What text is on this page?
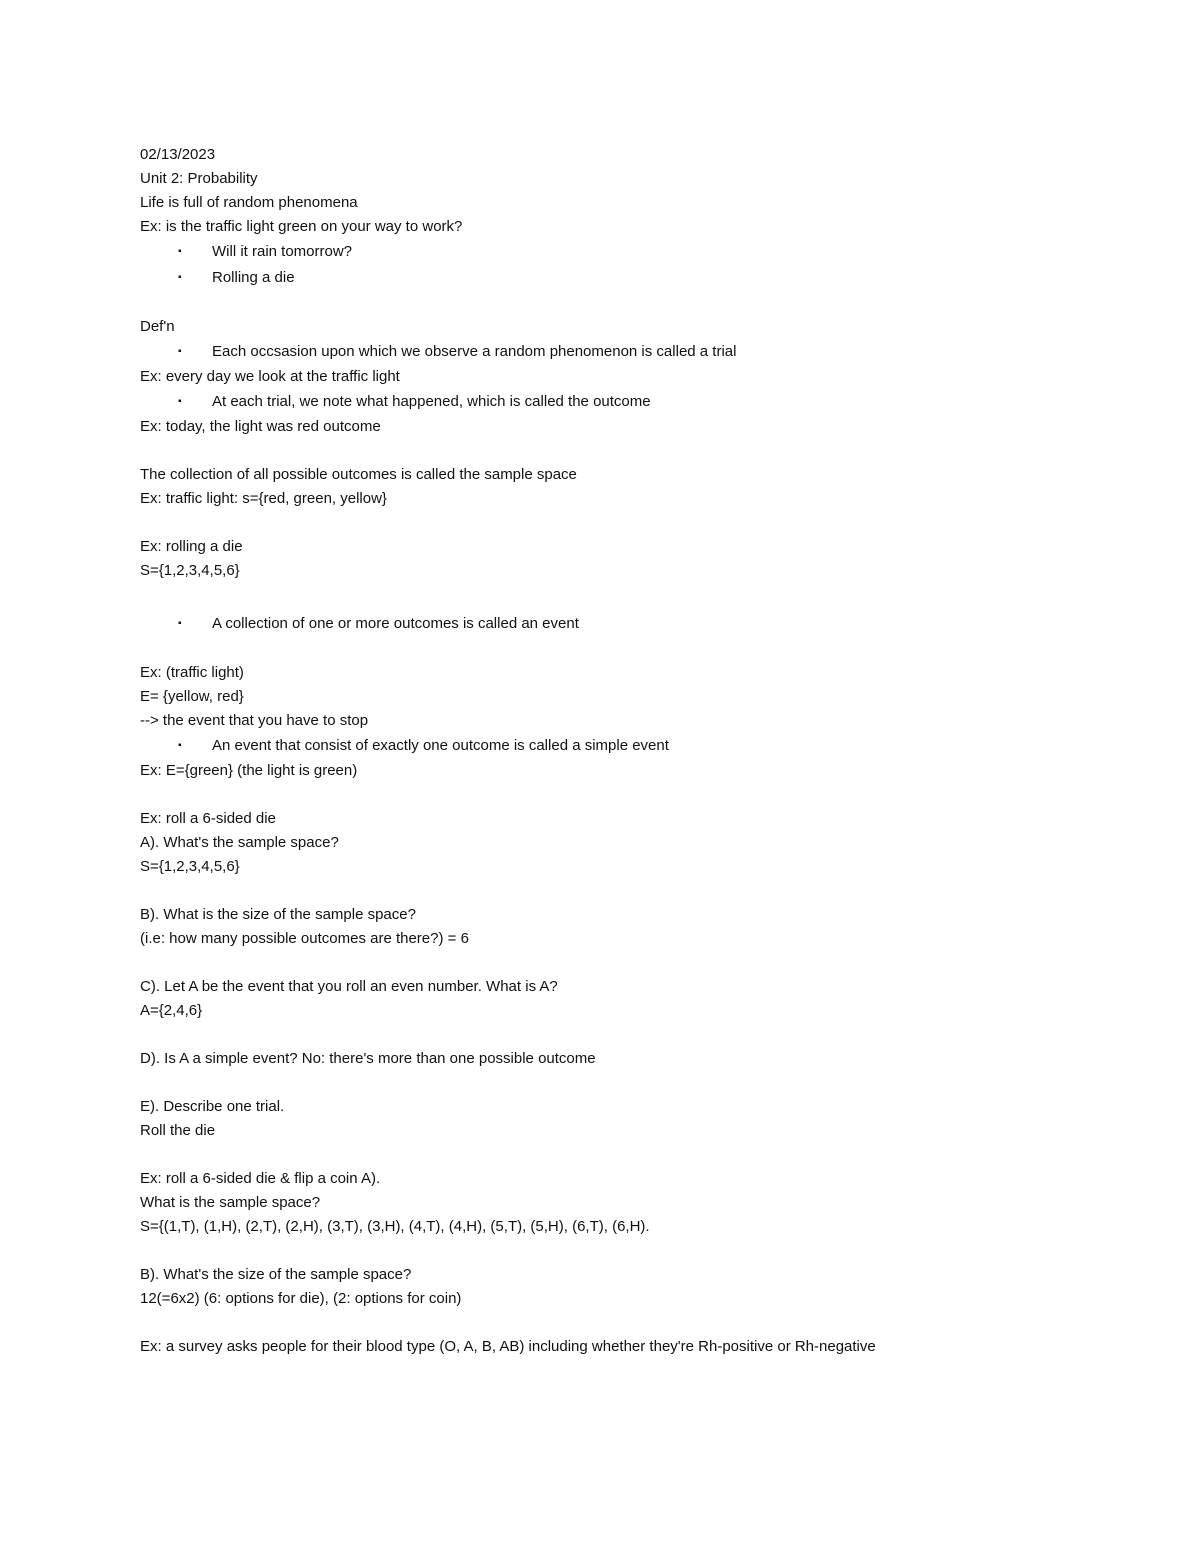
02/13/2023
Unit 2: Probability
Life is full of random phenomena
Ex: is the traffic light green on your way to work?
▪ Will it rain tomorrow?
▪ Rolling a die
Def'n
▪ Each occsasion upon which we observe a random phenomenon is called a trial
Ex: every day we look at the traffic light
▪ At each trial, we note what happened, which is called the outcome
Ex: today, the light was red outcome
The collection of all possible outcomes is called the sample space
Ex: traffic light: s={red, green, yellow}
Ex: rolling a die
S={1,2,3,4,5,6}
▪ A collection of one or more outcomes is called an event
Ex: (traffic light)
E= {yellow, red}
--> the event that you have to stop
▪ An event that consist of exactly one outcome is called a simple event
Ex: E={green} (the light is green)
Ex: roll a 6-sided die
A). What's the sample space?
S={1,2,3,4,5,6}
B). What is the size of the sample space?
(i.e: how many possible outcomes are there?) = 6
C). Let A be the event that you roll an even number. What is A?
A={2,4,6}
D). Is A a simple event? No: there's more than one possible outcome
E). Describe one trial.
Roll the die
Ex: roll a 6-sided die & flip a coin A).
What is the sample space?
S={(1,T), (1,H), (2,T), (2,H), (3,T), (3,H), (4,T), (4,H), (5,T), (5,H), (6,T), (6,H).
B). What's the size of the sample space?
12(=6x2) (6: options for die), (2: options for coin)
Ex: a survey asks people for their blood type (O, A, B, AB) including whether they're Rh-positive or Rh-negative
